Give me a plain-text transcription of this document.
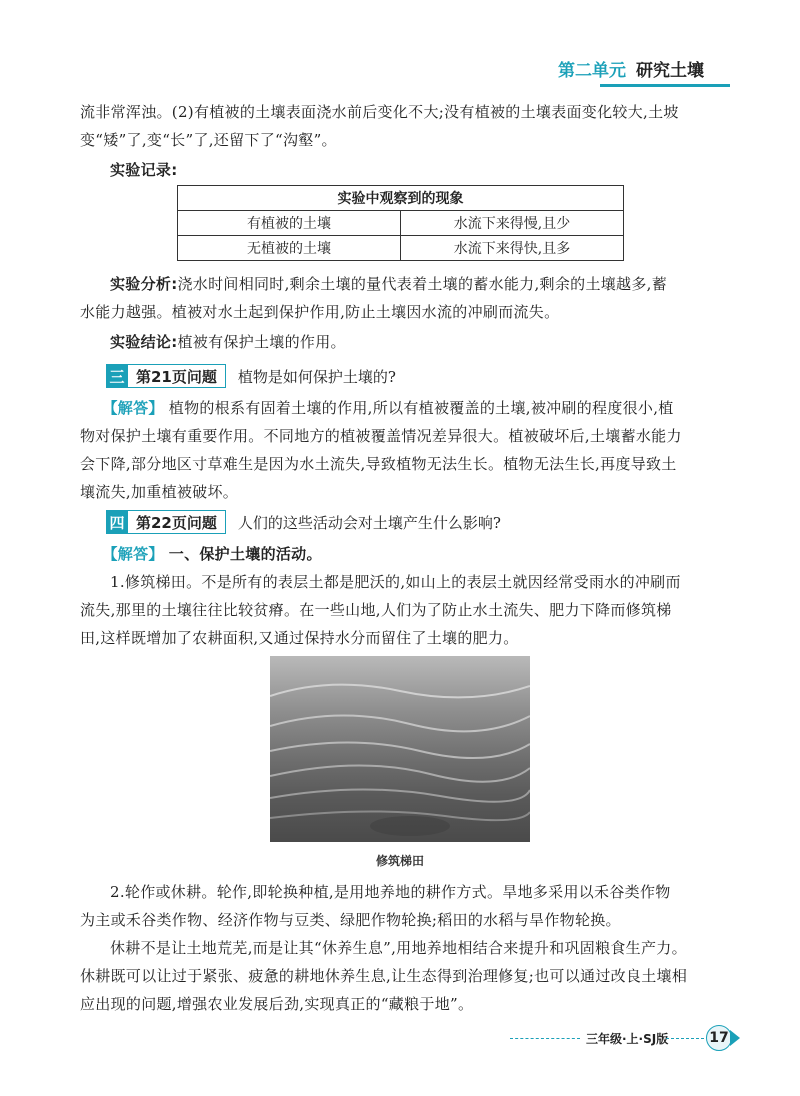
第二单元 研究土壤
流非常浑浊。(2)有植被的土壤表面浇水前后变化不大;没有植被的土壤表面变化较大,土坡
变“矮”了,变“长”了,还留下了“沟壑”。
实验记录:
实验中观察到的现象	
有植被的土壤	水流下来得慢,且少
无植被的土壤	水流下来得快,且多
实验分析:浇水时间相同时,剩余土壤的量代表着土壤的蓄水能力,剩余的土壤越多,蓄
水能力越强。植被对水土起到保护作用,防止土壤因水流的冲刷而流失。
实验结论:植被有保护土壤的作用。
三 第21页问题	植物是如何保护土壤的?
【解答】 植物的根系有固着土壤的作用,所以有植被覆盖的土壤,被冲刷的程度很小,植
物对保护土壤有重要作用。不同地方的植被覆盖情况差异很大。植被破坏后,土壤蓄水能力
会下降,部分地区寸草难生是因为水土流失,导致植物无法生长。植物无法生长,再度导致土
壤流失,加重植被破坏。
四 第22页问题	人们的这些活动会对土壤产生什么影响?
【解答】 一、保护土壤的活动。
1.修筑梯田。不是所有的表层土都是肥沃的,如山上的表层土就因经常受雨水的冲刷而
流失,那里的土壤往往比较贫瘠。在一些山地,人们为了防止水土流失、肥力下降而修筑梯
田,这样既增加了农耕面积,又通过保持水分而留住了土壤的肥力。
修筑梯田
2.轮作或休耕。轮作,即轮换种植,是用地养地的耕作方式。旱地多采用以禾谷类作物
为主或禾谷类作物、经济作物与豆类、绿肥作物轮换;稻田的水稻与旱作物轮换。
休耕不是让土地荒芜,而是让其“休养生息”,用地养地相结合来提升和巩固粮食生产力。
休耕既可以让过于紧张、疲惫的耕地休养生息,让生态得到治理修复;也可以通过改良土壤相
应出现的问题,增强农业发展后劲,实现真正的“藏粮于地”。
三年级·上·SJ版	17
